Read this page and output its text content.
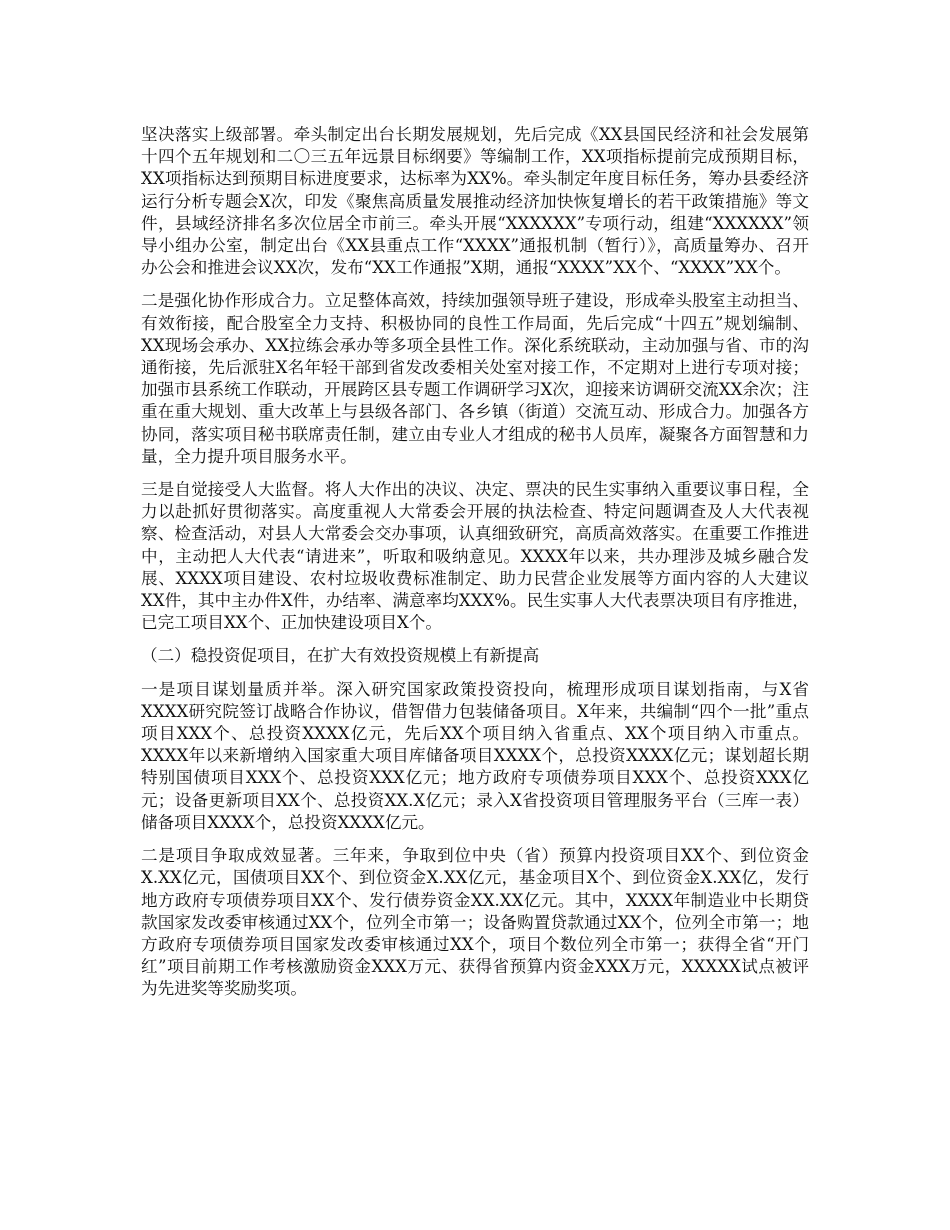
坚决落实上级部署。牵头制定出台长期发展规划，先后完成《XX县国民经济和社会发展第十四个五年规划和二〇三五年远景目标纲要》等编制工作，XX项指标提前完成预期目标，XX项指标达到预期目标进度要求，达标率为XX%。牵头制定年度目标任务，筹办县委经济运行分析专题会X次，印发《聚焦高质量发展推动经济加快恢复增长的若干政策措施》等文件，县域经济排名多次位居全市前三。牵头开展“XXXXXX”专项行动，组建“XXXXXX”领导小组办公室，制定出台《XX县重点工作“XXXX”通报机制（暂行）》，高质量筹办、召开办公会和推进会议XX次，发布“XX工作通报”X期，通报“XXXX”XX个、“XXXX”XX个。

二是强化协作形成合力。立足整体高效，持续加强领导班子建设，形成牵头股室主动担当、有效衔接，配合股室全力支持、积极协同的良性工作局面，先后完成“十四五”规划编制、XX现场会承办、XX拉练会承办等多项全县性工作。深化系统联动，主动加强与省、市的沟通衔接，先后派驻X名年轻干部到省发改委相关处室对接工作，不定期对上进行专项对接；加强市县系统工作联动，开展跨区县专题工作调研学习X次，迎接来访调研交流XX余次；注重在重大规划、重大改革上与县级各部门、各乡镇（街道）交流互动、形成合力。加强各方协同，落实项目秘书联席责任制，建立由专业人才组成的秘书人员库，凝聚各方面智慧和力量，全力提升项目服务水平。

三是自觉接受人大监督。将人大作出的决议、决定、票决的民生实事纳入重要议事日程，全力以赴抓好贯彻落实。高度重视人大常委会开展的执法检查、特定问题调查及人大代表视察、检查活动，对县人大常委会交办事项，认真细致研究，高质高效落实。在重要工作推进中，主动把人大代表“请进来”，听取和吸纳意见。XXXX年以来，共办理涉及城乡融合发展、XXXX项目建设、农村垃圾收费标准制定、助力民营企业发展等方面内容的人大建议XX件，其中主办件X件，办结率、满意率均XXX%。民生实事人大代表票决项目有序推进，已完工项目XX个、正加快建设项目X个。

（二）稳投资促项目，在扩大有效投资规模上有新提高

一是项目谋划量质并举。深入研究国家政策投资投向，梳理形成项目谋划指南，与X省XXXX研究院签订战略合作协议，借智借力包装储备项目。X年来，共编制“四个一批”重点项目XXX个、总投资XXXX亿元，先后XX个项目纳入省重点、XX个项目纳入市重点。XXXX年以来新增纳入国家重大项目库储备项目XXXX个，总投资XXXX亿元；谋划超长期特别国债项目XXX个、总投资XXX亿元；地方政府专项债券项目XXX个、总投资XXX亿元；设备更新项目XX个、总投资XX.X亿元；录入X省投资项目管理服务平台（三库一表）储备项目XXXX个，总投资XXXX亿元。

二是项目争取成效显著。三年来，争取到位中央（省）预算内投资项目XX个、到位资金X.XX亿元，国债项目XX个、到位资金X.XX亿元，基金项目X个、到位资金X.XX亿，发行地方政府专项债券项目XX个、发行债券资金XX.XX亿元。其中，XXXX年制造业中长期贷款国家发改委审核通过XX个，位列全市第一；设备购置贷款通过XX个，位列全市第一；地方政府专项债券项目国家发改委审核通过XX个，项目个数位列全市第一；获得全省“开门红”项目前期工作考核激励资金XXX万元、获得省预算内资金XXX万元，XXXXX试点被评为先进奖等奖励奖项。
